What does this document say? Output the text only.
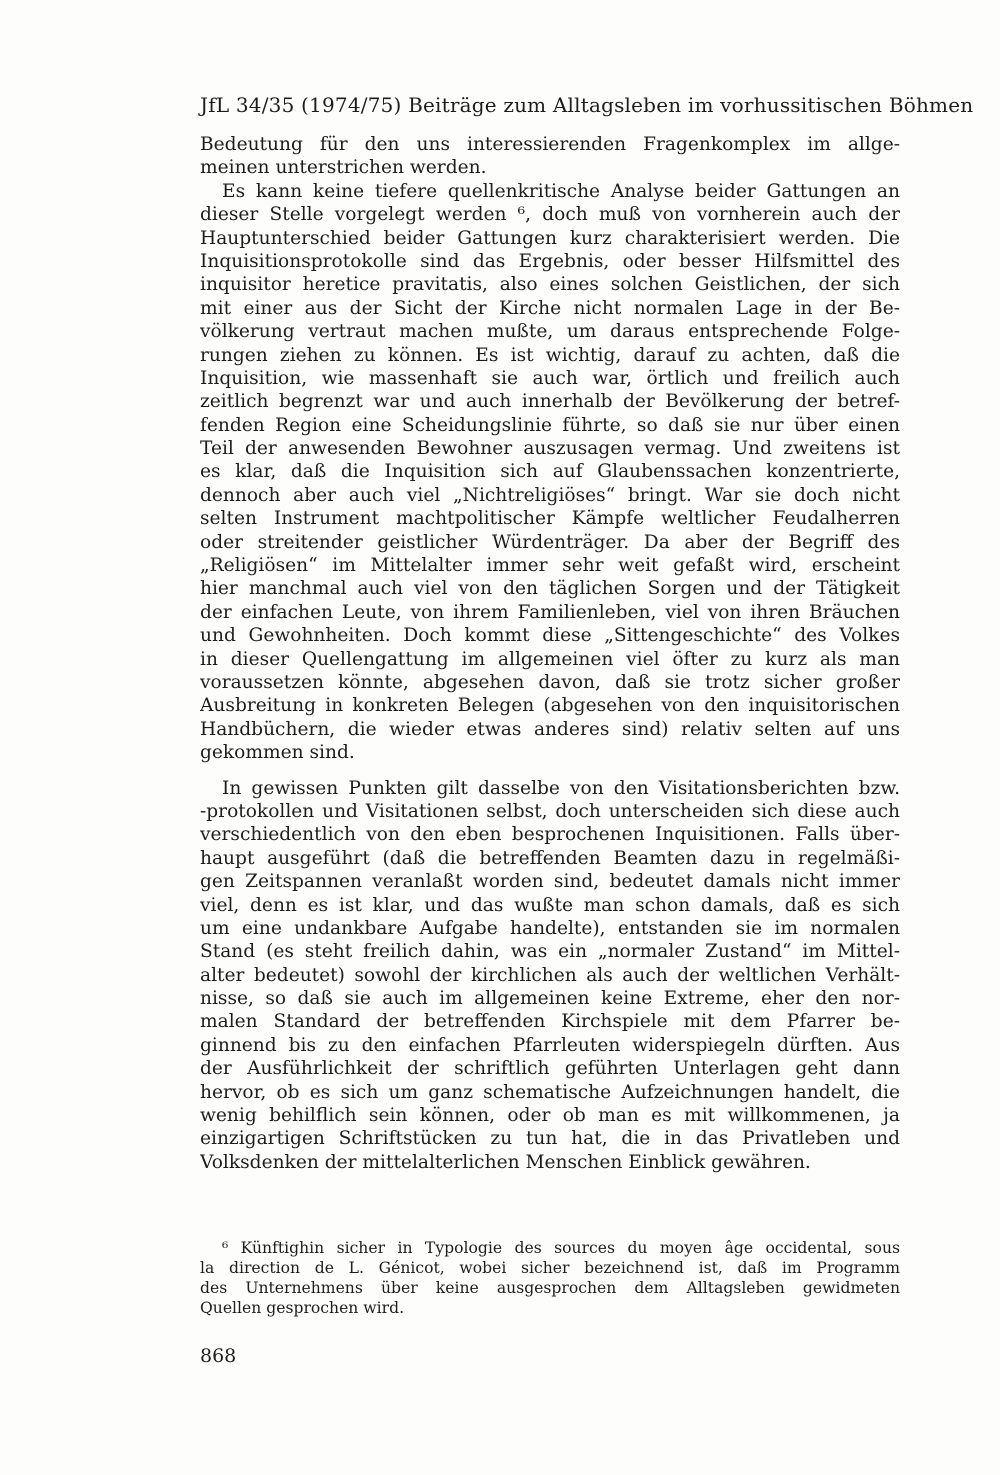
JfL 34/35 (1974/75) Beiträge zum Alltagsleben im vorhussitischen Böhmen
Bedeutung für den uns interessierenden Fragenkomplex im allge-
meinen unterstrichen werden.
Es kann keine tiefere quellenkritische Analyse beider Gattungen an
dieser Stelle vorgelegt werden ⁶, doch muß von vornherein auch der
Hauptunterschied beider Gattungen kurz charakterisiert werden. Die
Inquisitionsprotokolle sind das Ergebnis, oder besser Hilfsmittel des
inquisitor heretice pravitatis, also eines solchen Geistlichen, der sich
mit einer aus der Sicht der Kirche nicht normalen Lage in der Be-
völkerung vertraut machen mußte, um daraus entsprechende Folge-
rungen ziehen zu können. Es ist wichtig, darauf zu achten, daß die
Inquisition, wie massenhaft sie auch war, örtlich und freilich auch
zeitlich begrenzt war und auch innerhalb der Bevölkerung der betref-
fenden Region eine Scheidungslinie führte, so daß sie nur über einen
Teil der anwesenden Bewohner auszusagen vermag. Und zweitens ist
es klar, daß die Inquisition sich auf Glaubenssachen konzentrierte,
dennoch aber auch viel „Nichtreligiöses“ bringt. War sie doch nicht
selten Instrument machtpolitischer Kämpfe weltlicher Feudalherren
oder streitender geistlicher Würdenträger. Da aber der Begriff des
„Religiösen“ im Mittelalter immer sehr weit gefaßt wird, erscheint
hier manchmal auch viel von den täglichen Sorgen und der Tätigkeit
der einfachen Leute, von ihrem Familienleben, viel von ihren Bräuchen
und Gewohnheiten. Doch kommt diese „Sittengeschichte“ des Volkes
in dieser Quellengattung im allgemeinen viel öfter zu kurz als man
voraussetzen könnte, abgesehen davon, daß sie trotz sicher großer
Ausbreitung in konkreten Belegen (abgesehen von den inquisitorischen
Handbüchern, die wieder etwas anderes sind) relativ selten auf uns
gekommen sind.
In gewissen Punkten gilt dasselbe von den Visitationsberichten bzw.
-protokollen und Visitationen selbst, doch unterscheiden sich diese auch
verschiedentlich von den eben besprochenen Inquisitionen. Falls über-
haupt ausgeführt (daß die betreffenden Beamten dazu in regelmäßi-
gen Zeitspannen veranlaßt worden sind, bedeutet damals nicht immer
viel, denn es ist klar, und das wußte man schon damals, daß es sich
um eine undankbare Aufgabe handelte), entstanden sie im normalen
Stand (es steht freilich dahin, was ein „normaler Zustand“ im Mittel-
alter bedeutet) sowohl der kirchlichen als auch der weltlichen Verhält-
nisse, so daß sie auch im allgemeinen keine Extreme, eher den nor-
malen Standard der betreffenden Kirchspiele mit dem Pfarrer be-
ginnend bis zu den einfachen Pfarrleuten widerspiegeln dürften. Aus
der Ausführlichkeit der schriftlich geführten Unterlagen geht dann
hervor, ob es sich um ganz schematische Aufzeichnungen handelt, die
wenig behilflich sein können, oder ob man es mit willkommenen, ja
einzigartigen Schriftstücken zu tun hat, die in das Privatleben und
Volksdenken der mittelalterlichen Menschen Einblick gewähren.
⁶ Künftighin sicher in Typologie des sources du moyen âge occidental, sous
la direction de L. Génicot, wobei sicher bezeichnend ist, daß im Programm
des Unternehmens über keine ausgesprochen dem Alltagsleben gewidmeten
Quellen gesprochen wird.
868
